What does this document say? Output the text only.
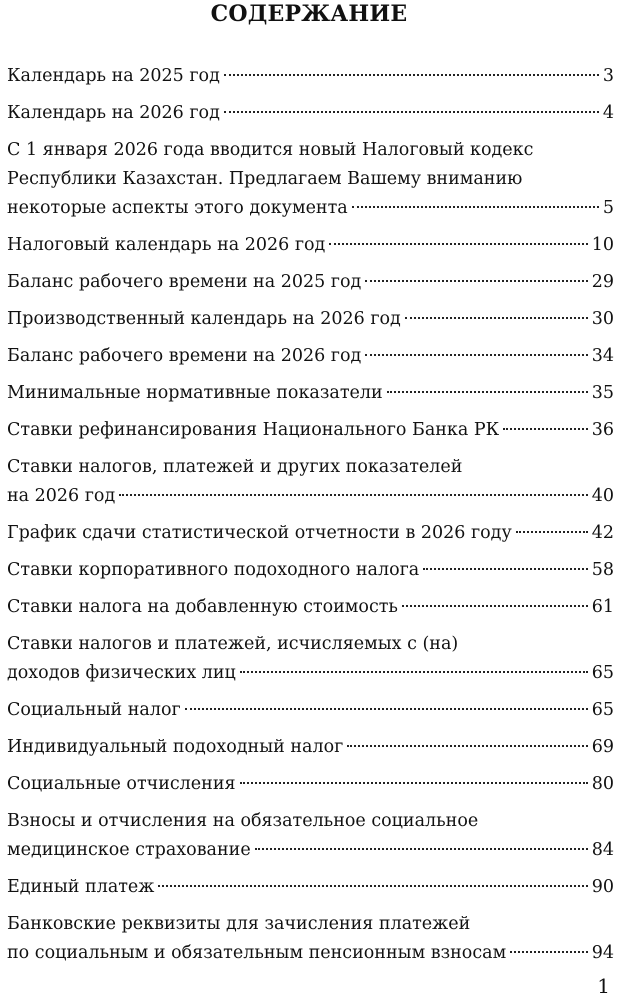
СОДЕРЖАНИЕ
Календарь на 2025 год	3
Календарь на 2026 год	4
С 1 января 2026 года вводится новый Налоговый кодекс
Республики Казахстан. Предлагаем Вашему вниманию
некоторые аспекты этого документа	5
Налоговый календарь на 2026 год	10
Баланс рабочего времени на 2025 год	29
Производственный календарь на 2026 год	30
Баланс рабочего времени на 2026 год	34
Минимальные нормативные показатели	35
Ставки рефинансирования Национального Банка РК	36
Ставки налогов, платежей и других показателей
на 2026 год	40
График сдачи статистической отчетности в 2026 году	42
Ставки корпоративного подоходного налога	58
Ставки налога на добавленную стоимость	61
Ставки налогов и платежей, исчисляемых с (на)
доходов физических лиц	65
Социальный налог	65
Индивидуальный подоходный налог	69
Социальные отчисления	80
Взносы и отчисления на обязательное социальное
медицинское страхование	84
Единый платеж	90
Банковские реквизиты для зачисления платежей
по социальным и обязательным пенсионным взносам	94
1
